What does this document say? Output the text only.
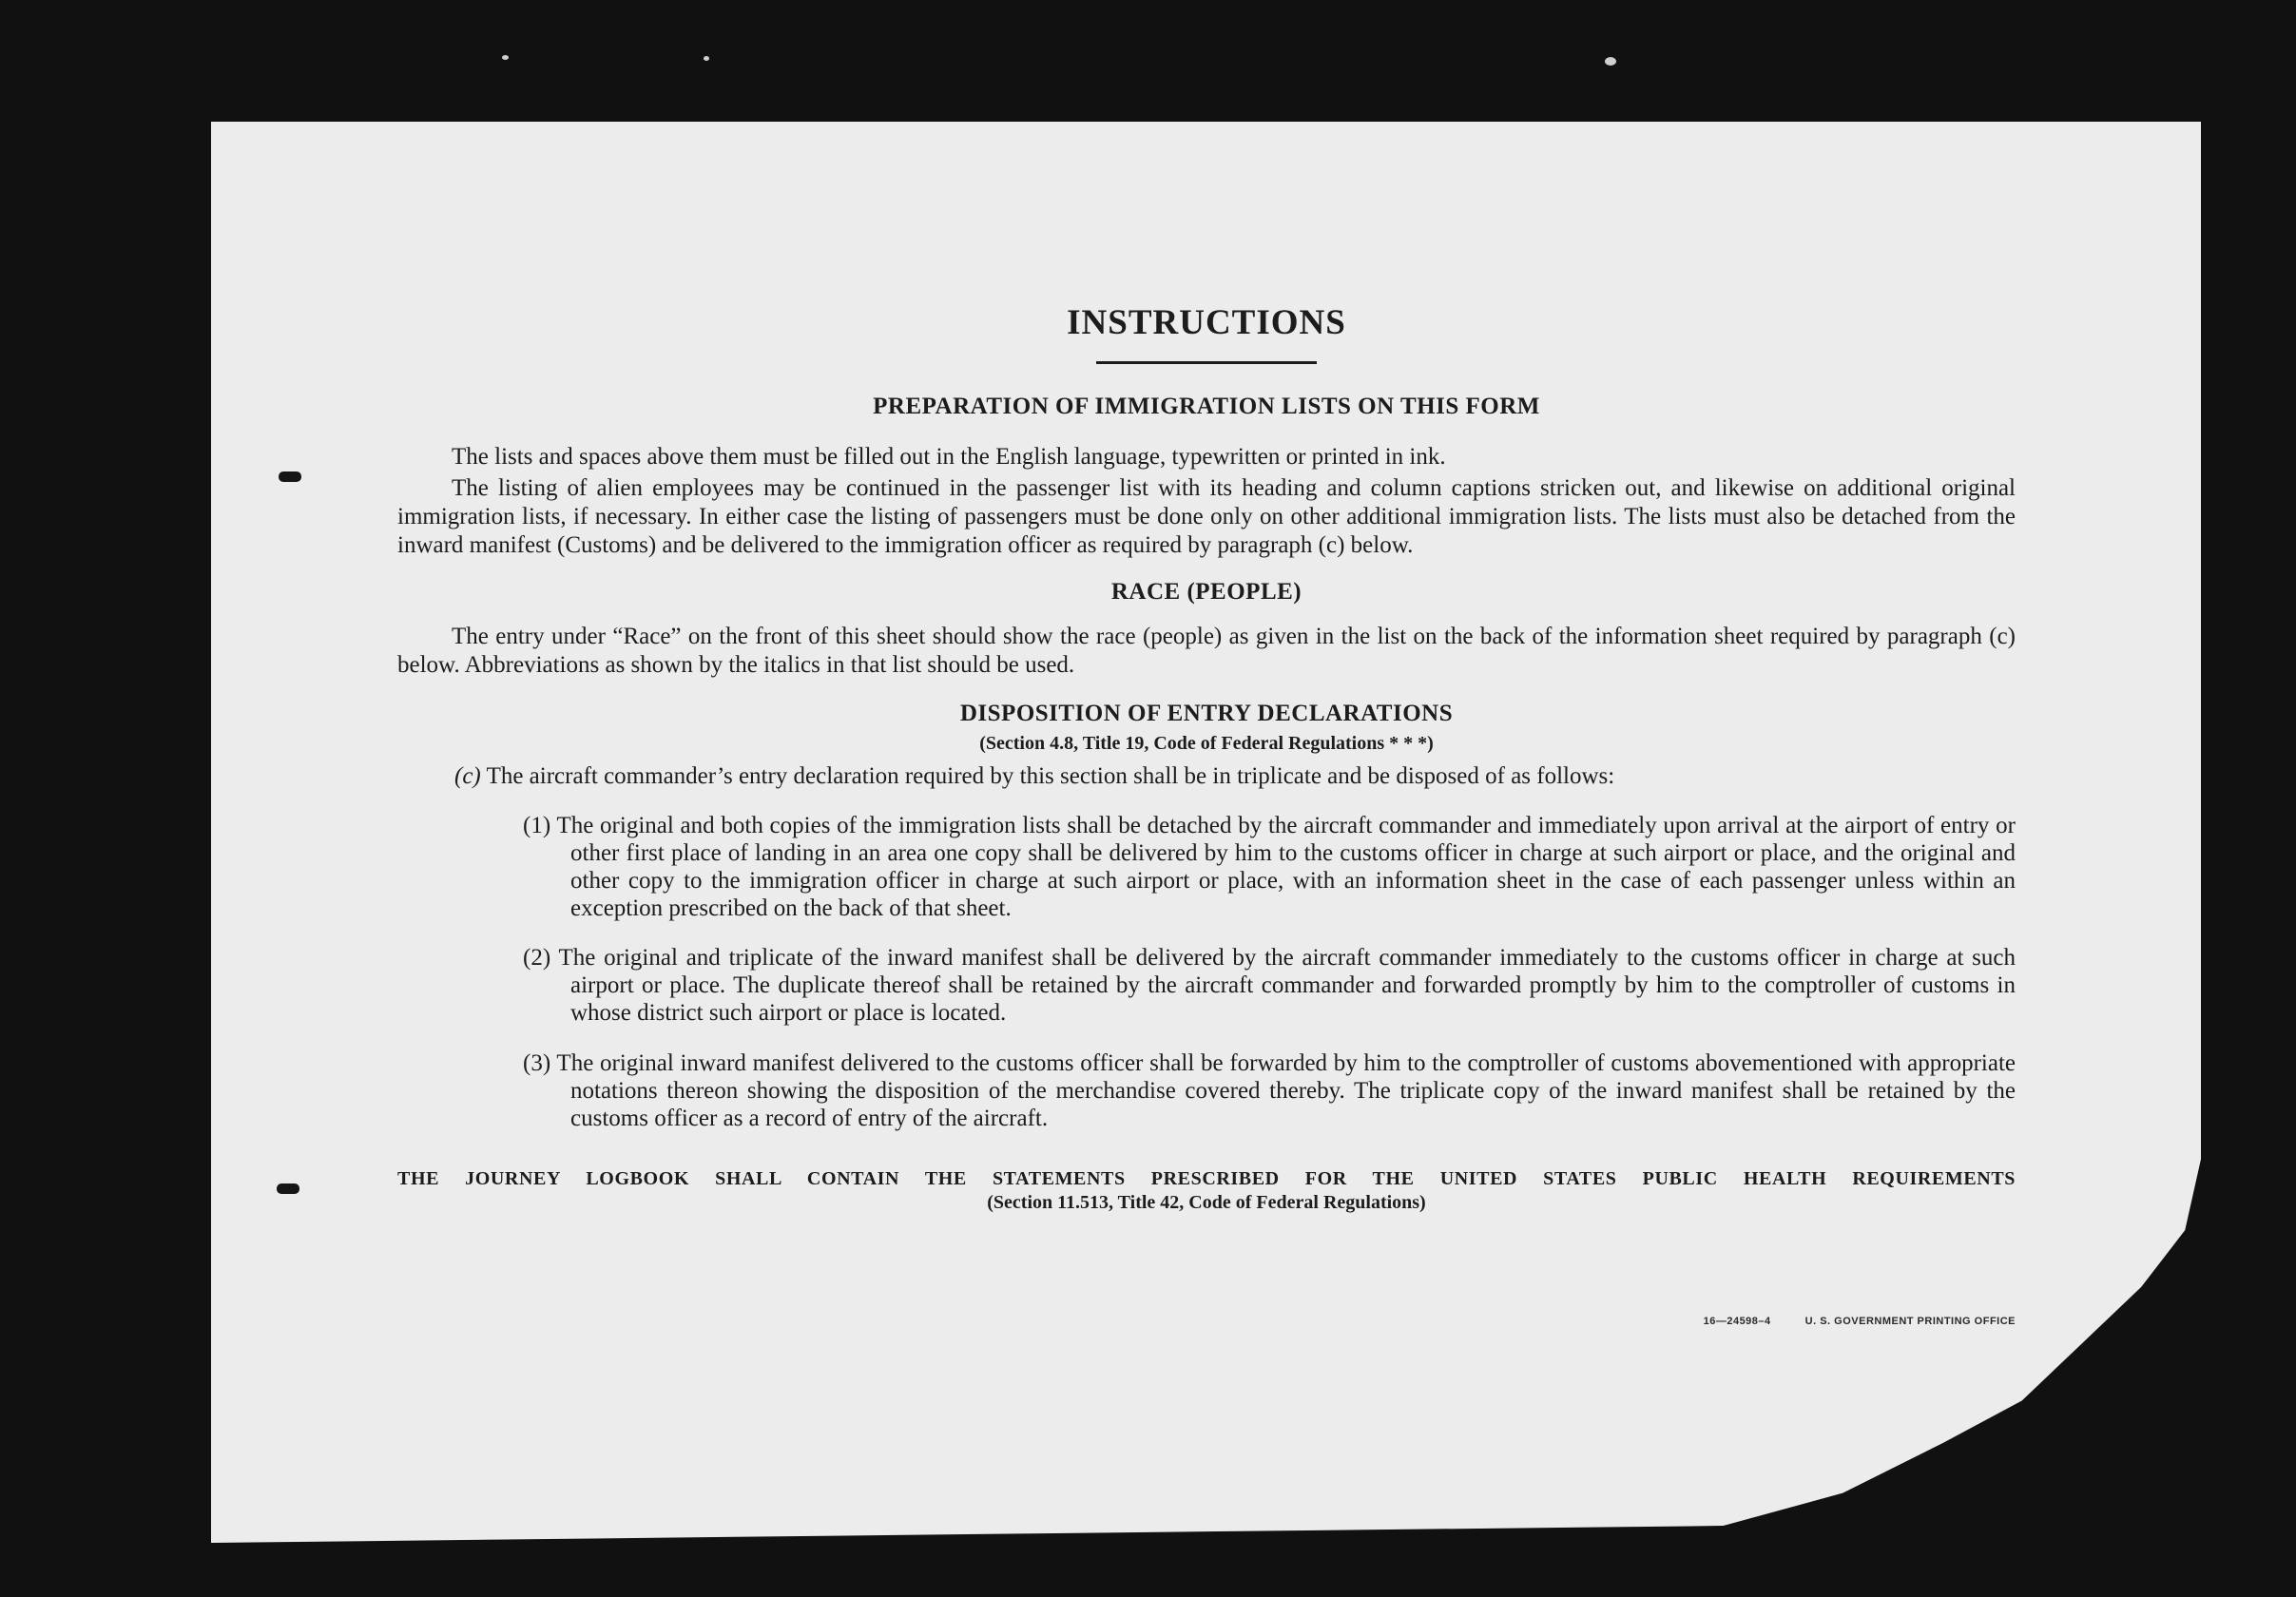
INSTRUCTIONS
PREPARATION OF IMMIGRATION LISTS ON THIS FORM

The lists and spaces above them must be filled out in the English language, typewritten or printed in ink.

The listing of alien employees may be continued in the passenger list with its heading and column captions stricken out, and likewise on additional original immigration lists, if necessary. In either case the listing of passengers must be done only on other additional immigration lists. The lists must also be detached from the inward manifest (Customs) and be delivered to the immigration officer as required by paragraph (c) below.

RACE (PEOPLE)

The entry under “Race” on the front of this sheet should show the race (people) as given in the list on the back of the information sheet required by paragraph (c) below. Abbreviations as shown by the italics in that list should be used.

DISPOSITION OF ENTRY DECLARATIONS

(Section 4.8, Title 19, Code of Federal Regulations * * *)

(c) The aircraft commander’s entry declaration required by this section shall be in triplicate and be disposed of as follows:

(1) The original and both copies of the immigration lists shall be detached by the aircraft commander and immediately upon arrival at the airport of entry or other first place of landing in an area one copy shall be delivered by him to the customs officer in charge at such airport or place, and the original and other copy to the immigration officer in charge at such airport or place, with an information sheet in the case of each passenger unless within an exception prescribed on the back of that sheet.

(2) The original and triplicate of the inward manifest shall be delivered by the aircraft commander immediately to the customs officer in charge at such airport or place. The duplicate thereof shall be retained by the aircraft commander and forwarded promptly by him to the comptroller of customs in whose district such airport or place is located.

(3) The original inward manifest delivered to the customs officer shall be forwarded by him to the comptroller of customs abovementioned with appropriate notations thereon showing the disposition of the merchandise covered thereby. The triplicate copy of the inward manifest shall be retained by the customs officer as a record of entry of the aircraft.

THE JOURNEY LOGBOOK SHALL CONTAIN THE STATEMENTS PRESCRIBED FOR THE UNITED STATES PUBLIC HEALTH REQUIREMENTS

(Section 11.513, Title 42, Code of Federal Regulations)

16—24598–4	U. S. GOVERNMENT PRINTING OFFICE
